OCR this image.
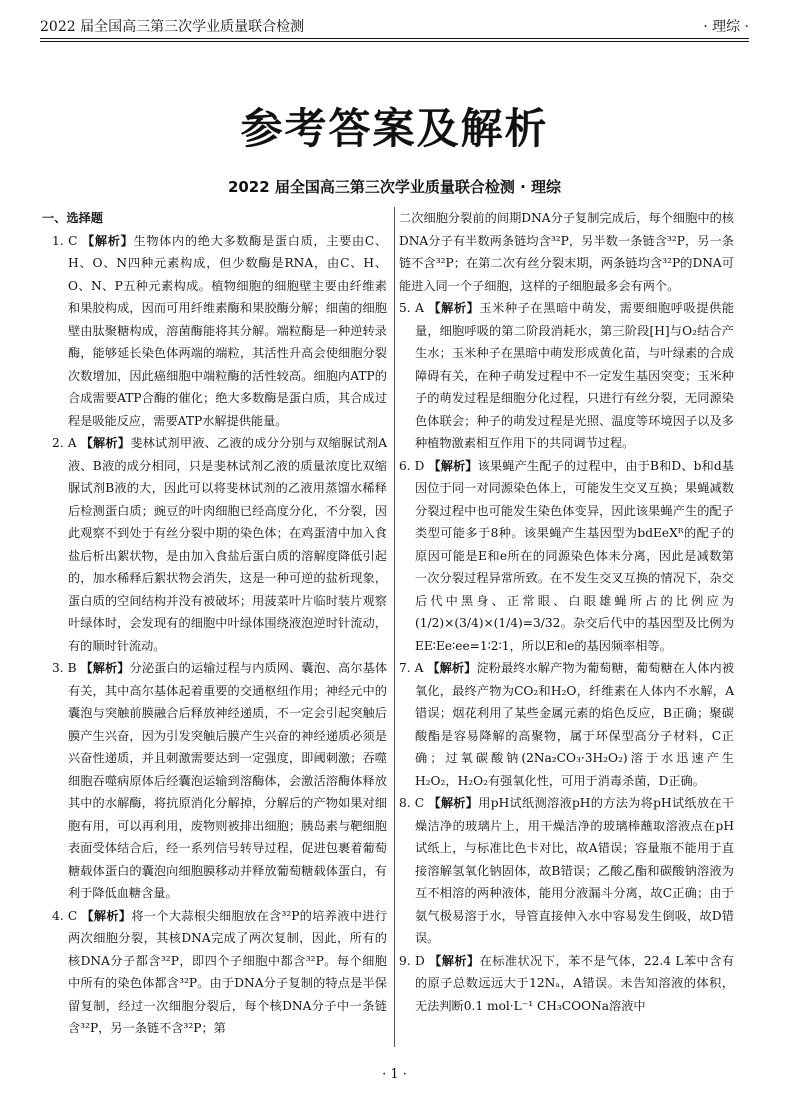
2022 届全国高三第三次学业质量联合检测	· 理综 ·
参考答案及解析
2022 届全国高三第三次学业质量联合检测 · 理综
一、选择题

1. C 【解析】生物体内的绝大多数酶是蛋白质，主要由C、H、O、N四种元素构成，但少数酶是RNA，由C、H、O、N、P五种元素构成。植物细胞的细胞壁主要由纤维素和果胶构成，因而可用纤维素酶和果胶酶分解；细菌的细胞壁由肽聚糖构成，溶菌酶能将其分解。端粒酶是一种逆转录酶，能够延长染色体两端的端粒，其活性升高会使细胞分裂次数增加，因此癌细胞中端粒酶的活性较高。细胞内ATP的合成需要ATP合酶的催化；绝大多数酶是蛋白质，其合成过程是吸能反应，需要ATP水解提供能量。

2. A 【解析】斐林试剂甲液、乙液的成分分别与双缩脲试剂A液、B液的成分相同，只是斐林试剂乙液的质量浓度比双缩脲试剂B液的大，因此可以将斐林试剂的乙液用蒸馏水稀释后检测蛋白质；豌豆的叶肉细胞已经高度分化，不分裂，因此观察不到处于有丝分裂中期的染色体；在鸡蛋清中加入食盐后析出絮状物，是由加入食盐后蛋白质的溶解度降低引起的，加水稀释后絮状物会消失，这是一种可逆的盐析现象，蛋白质的空间结构并没有被破坏；用菠菜叶片临时装片观察叶绿体时，会发现有的细胞中叶绿体围绕液泡逆时针流动，有的顺时针流动。

3. B 【解析】分泌蛋白的运输过程与内质网、囊泡、高尔基体有关，其中高尔基体起着重要的交通枢纽作用；神经元中的囊泡与突触前膜融合后释放神经递质，不一定会引起突触后膜产生兴奋，因为引发突触后膜产生兴奋的神经递质必须是兴奋性递质，并且刺激需要达到一定强度，即阈刺激；吞噬细胞吞噬病原体后经囊泡运输到溶酶体，会激活溶酶体释放其中的水解酶，将抗原消化分解掉，分解后的产物如果对细胞有用，可以再利用，废物则被排出细胞；胰岛素与靶细胞表面受体结合后，经一系列信号转导过程，促进包裹着葡萄糖载体蛋白的囊泡向细胞膜移动并释放葡萄糖载体蛋白，有利于降低血糖含量。

4. C 【解析】将一个大蒜根尖细胞放在含³²P的培养液中进行两次细胞分裂，其核DNA完成了两次复制，因此，所有的核DNA分子都含³²P，即四个子细胞中都含³²P。每个细胞中所有的染色体都含³²P。由于DNA分子复制的特点是半保留复制，经过一次细胞分裂后，每个核DNA分子中一条链含³²P，另一条链不含³²P；第

二次细胞分裂前的间期DNA分子复制完成后，每个细胞中的核DNA分子有半数两条链均含³²P，另半数一条链含³²P，另一条链不含³²P；在第二次有丝分裂末期，两条链均含³²P的DNA可能进入同一个子细胞，这样的子细胞最多会有两个。

5. A 【解析】玉米种子在黑暗中萌发，需要细胞呼吸提供能量，细胞呼吸的第二阶段消耗水，第三阶段[H]与O₂结合产生水；玉米种子在黑暗中萌发形成黄化苗，与叶绿素的合成障碍有关，在种子萌发过程中不一定发生基因突变；玉米种子的萌发过程是细胞分化过程，只进行有丝分裂，无同源染色体联会；种子的萌发过程是光照、温度等环境因子以及多种植物激素相互作用下的共同调节过程。

6. D 【解析】该果蝇产生配子的过程中，由于B和D、b和d基因位于同一对同源染色体上，可能发生交叉互换；果蝇减数分裂过程中也可能发生染色体变异，因此该果蝇产生的配子类型可能多于8种。该果蝇产生基因型为bdEeXᴿ的配子的原因可能是E和e所在的同源染色体未分离，因此是减数第一次分裂过程异常所致。在不发生交叉互换的情况下，杂交后代中黑身、正常眼、白眼雄蝇所占的比例应为(1/2)×(3/4)×(1/4)=3/32。杂交后代中的基因型及比例为EE∶Ee∶ee=1∶2∶1，所以E和e的基因频率相等。

7. A 【解析】淀粉最终水解产物为葡萄糖，葡萄糖在人体内被氧化，最终产物为CO₂和H₂O，纤维素在人体内不水解，A错误；烟花利用了某些金属元素的焰色反应，B正确；聚碳酸酯是容易降解的高聚物，属于环保型高分子材料，C正确；过氧碳酸钠(2Na₂CO₃·3H₂O₂)溶于水迅速产生H₂O₂，H₂O₂有强氧化性，可用于消毒杀菌，D正确。

8. C 【解析】用pH试纸测溶液pH的方法为将pH试纸放在干燥洁净的玻璃片上，用干燥洁净的玻璃棒蘸取溶液点在pH试纸上，与标准比色卡对比，故A错误；容量瓶不能用于直接溶解氢氧化钠固体，故B错误；乙酸乙酯和碳酸钠溶液为互不相溶的两种液体，能用分液漏斗分离，故C正确；由于氨气极易溶于水，导管直接伸入水中容易发生倒吸，故D错误。

9. D 【解析】在标准状况下，苯不是气体，22.4 L苯中含有的原子总数远远大于12Nₐ，A错误。未告知溶液的体积，无法判断0.1 mol·L⁻¹ CH₃COONa溶液中

· 1 ·
